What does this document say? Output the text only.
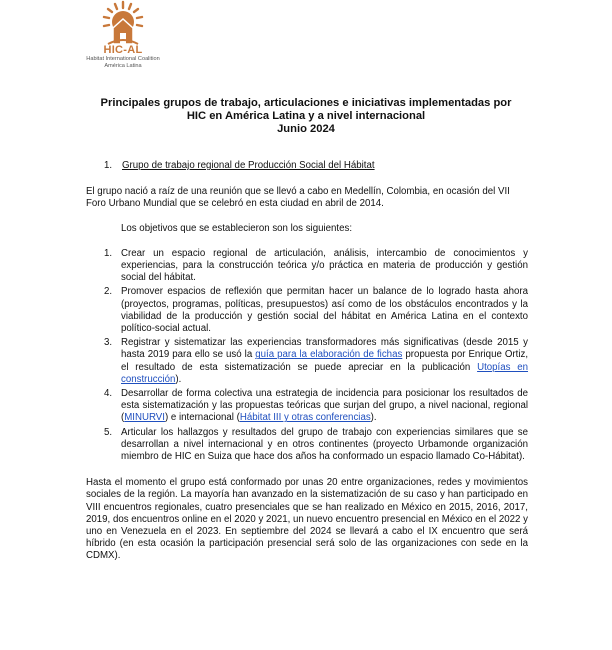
HIC-AL
Habitat International Coalition
América Latina
Principales grupos de trabajo, articulaciones e iniciativas implementadas por
HIC en América Latina y a nivel internacional
Junio 2024
1.	Grupo de trabajo regional de Producción Social del Hábitat

El grupo nació a raíz de una reunión que se llevó a cabo en Medellín, Colombia, en ocasión del VII Foro Urbano Mundial que se celebró en esta ciudad en abril de 2014.

Los objetivos que se establecieron son los siguientes:

1. Crear un espacio regional de articulación, análisis, intercambio de conocimientos y experiencias, para la construcción teórica y/o práctica en materia de producción y gestión social del hábitat.
2. Promover espacios de reflexión que permitan hacer un balance de lo logrado hasta ahora (proyectos, programas, políticas, presupuestos) así como de los obstáculos encontrados y la viabilidad de la producción y gestión social del hábitat en América Latina en el contexto político-social actual.
3. Registrar y sistematizar las experiencias transformadores más significativas (desde 2015 y hasta 2019 para ello se usó la guía para la elaboración de fichas propuesta por Enrique Ortiz, el resultado de esta sistematización se puede apreciar en la publicación Utopías en construcción).
4. Desarrollar de forma colectiva una estrategia de incidencia para posicionar los resultados de esta sistematización y las propuestas teóricas que surjan del grupo, a nivel nacional, regional (MINURVI) e internacional (Hábitat III y otras conferencias).
5. Articular los hallazgos y resultados del grupo de trabajo con experiencias similares que se desarrollan a nivel internacional y en otros continentes (proyecto Urbamonde organización miembro de HIC en Suiza que hace dos años ha conformado un espacio llamado Co-Hábitat).

Hasta el momento el grupo está conformado por unas 20 entre organizaciones, redes y movimientos sociales de la región. La mayoría han avanzado en la sistematización de su caso y han participado en VIII encuentros regionales, cuatro presenciales que se han realizado en México en 2015, 2016, 2017, 2019, dos encuentros online en el 2020 y 2021, un nuevo encuentro presencial en México en el 2022 y uno en Venezuela en el 2023. En septiembre del 2024 se llevará a cabo el IX encuentro que será híbrido (en esta ocasión la participación presencial será solo de las organizaciones con sede en la CDMX).
